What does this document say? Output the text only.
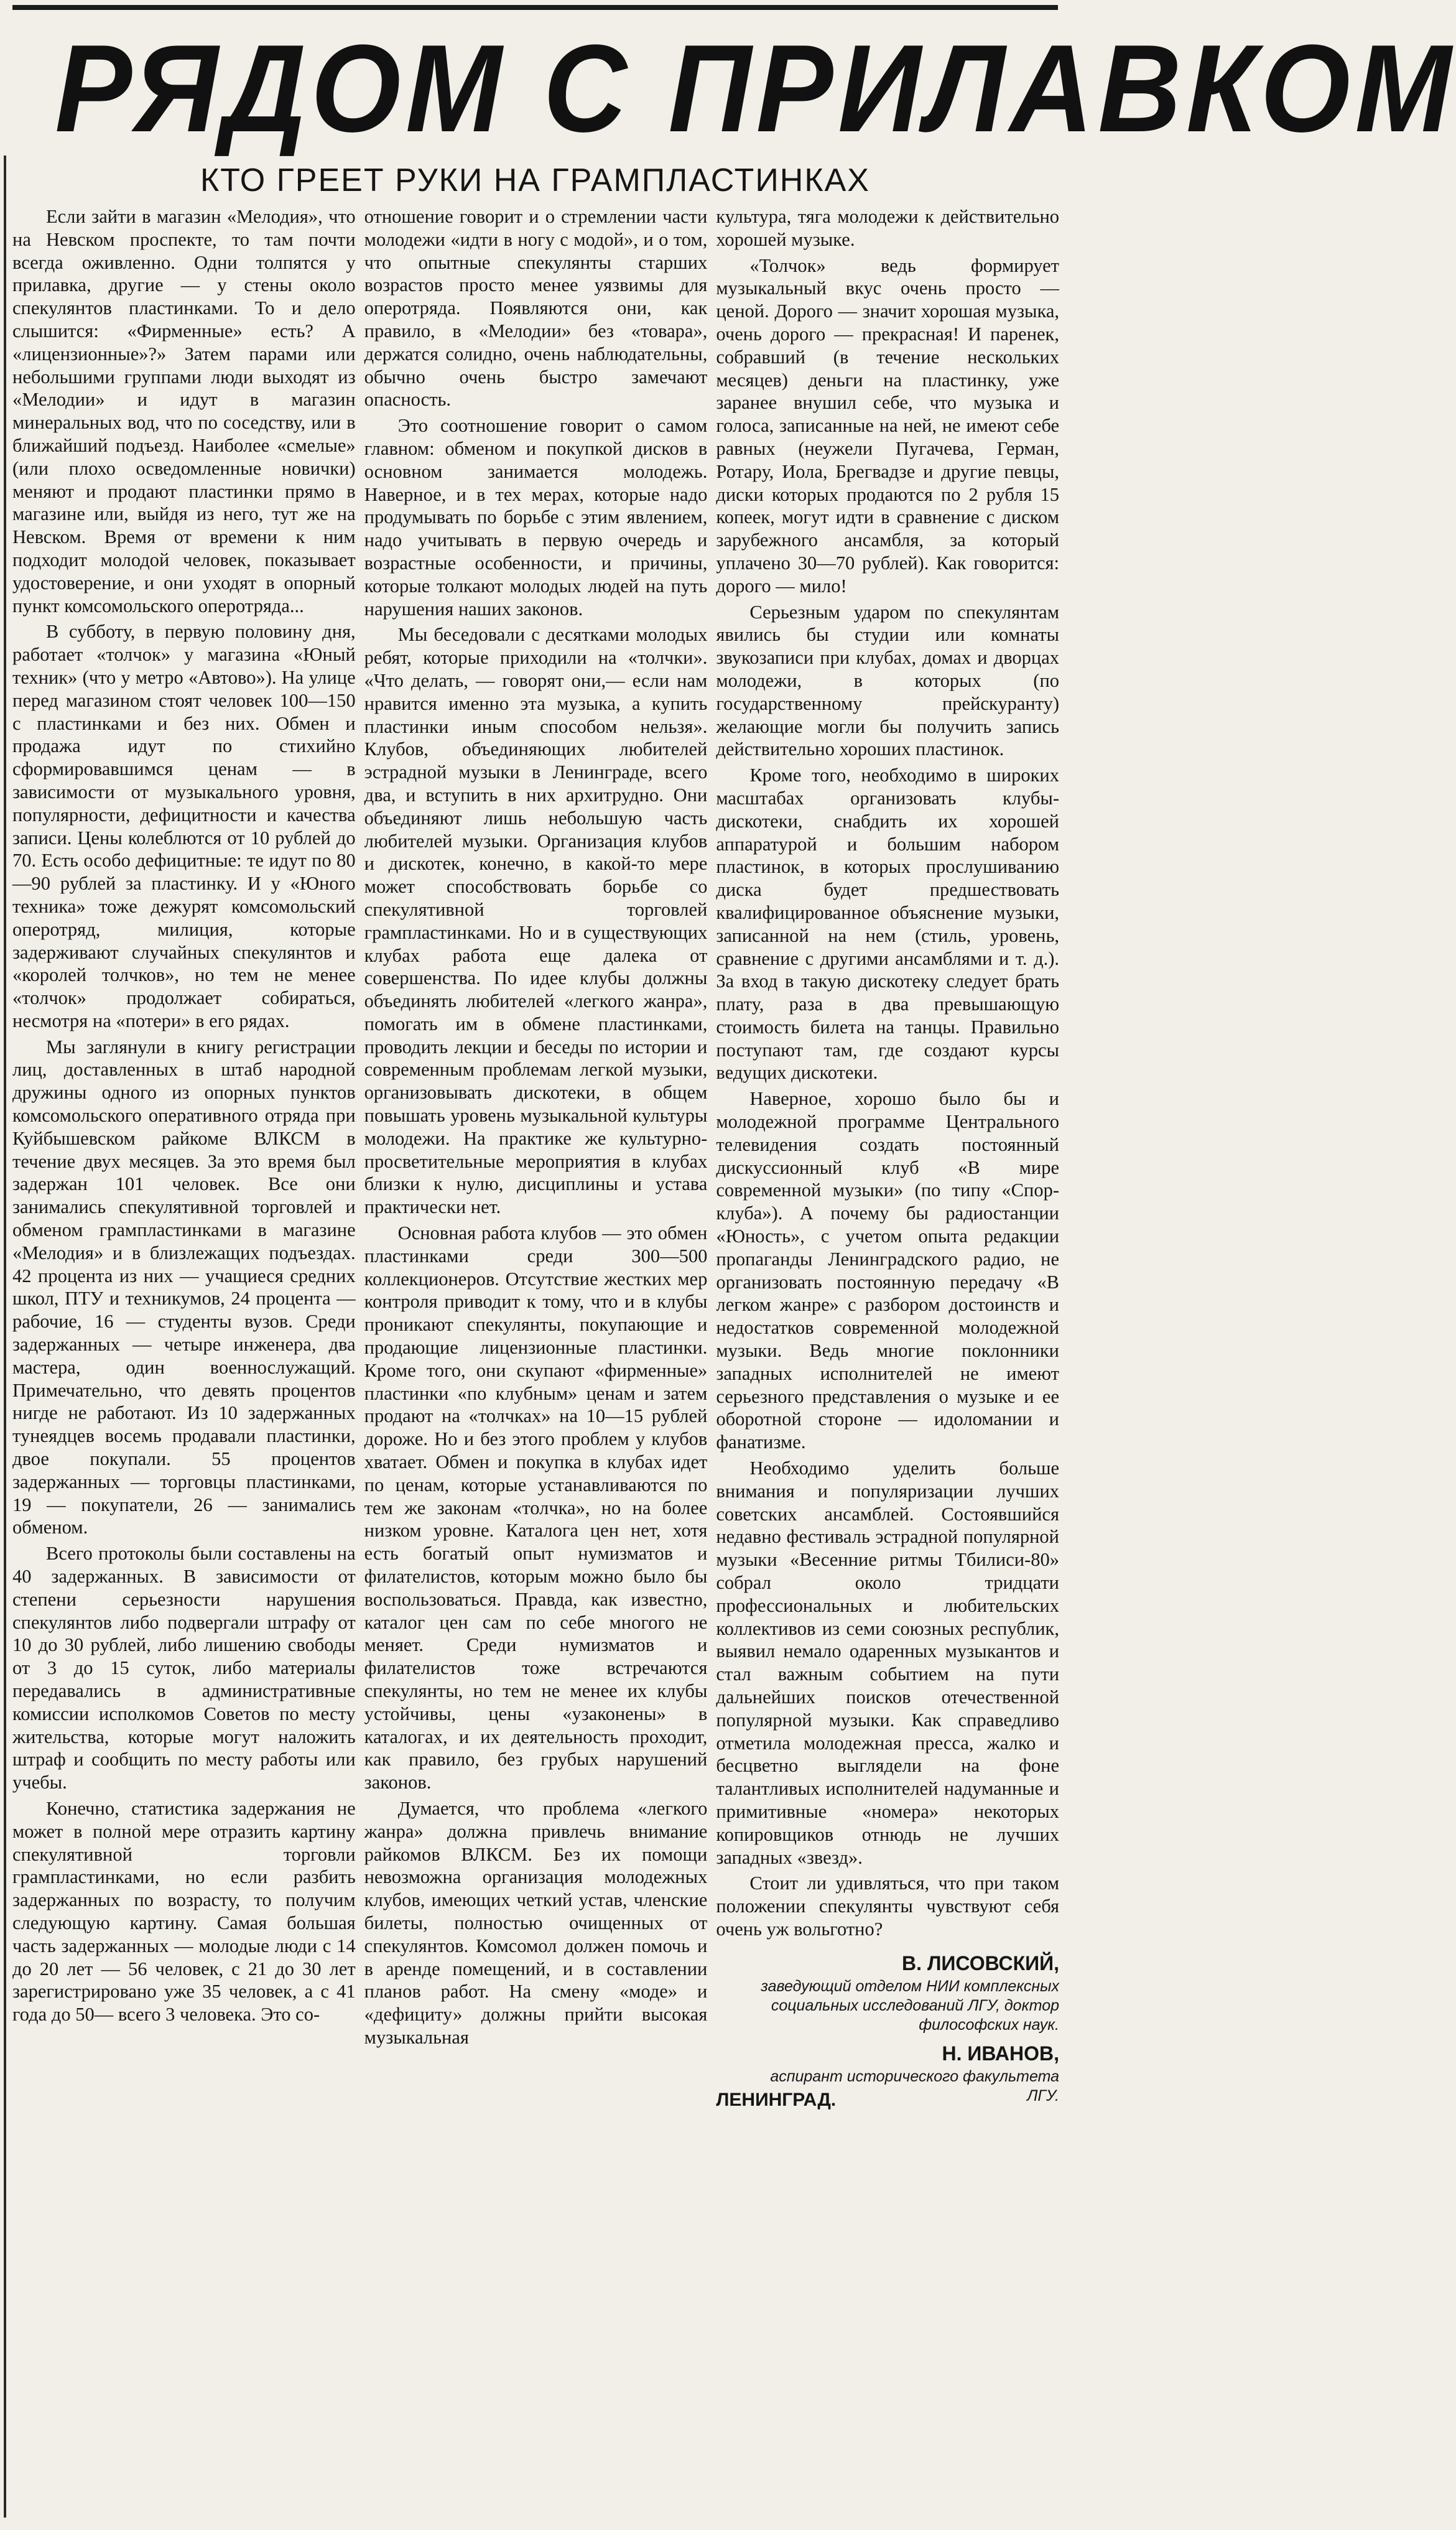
РЯДОМ С ПРИЛАВКОМ
КТО ГРЕЕТ РУКИ НА ГРАМПЛАСТИНКАХ

Если зайти в магазин «Мелодия», что на Невском проспекте, то там почти всегда оживленно. Одни толпятся у прилавка, другие — у стены около спекулянтов пластинками. То и дело слышится: «Фирменные» есть? А «лицензионные»?» Затем парами или небольшими группами люди выходят из «Мелодии» и идут в магазин минеральных вод, что по соседству, или в ближайший подъезд. Наиболее «смелые» (или плохо осведомленные новички) меняют и продают пластинки прямо в магазине или, выйдя из него, тут же на Невском. Время от времени к ним подходит молодой человек, показывает удостоверение, и они уходят в опорный пункт комсомольского оперотряда...

В субботу, в первую половину дня, работает «толчок» у магазина «Юный техник» (что у метро «Автово»). На улице перед магазином стоят человек 100—150 с пластинками и без них. Обмен и продажа идут по стихийно сформировавшимся ценам — в зависимости от музыкального уровня, популярности, дефицитности и качества записи. Цены колеблются от 10 рублей до 70. Есть особо дефицитные: те идут по 80—90 рублей за пластинку. И у «Юного техника» тоже дежурят комсомольский оперотряд, милиция, которые задерживают случайных спекулянтов и «королей толчков», но тем не менее «толчок» продолжает собираться, несмотря на «потери» в его рядах.

Мы заглянули в книгу регистрации лиц, доставленных в штаб народной дружины одного из опорных пунктов комсомольского оперативного отряда при Куйбышевском райкоме ВЛКСМ в течение двух месяцев. За это время был задержан 101 человек. Все они занимались спекулятивной торговлей и обменом грампластинками в магазине «Мелодия» и в близлежащих подъездах. 42 процента из них — учащиеся средних школ, ПТУ и техникумов, 24 процента — рабочие, 16 — студенты вузов. Среди задержанных — четыре инженера, два мастера, один военнослужащий. Примечательно, что девять процентов нигде не работают. Из 10 задержанных тунеядцев восемь продавали пластинки, двое покупали. 55 процентов задержанных — торговцы пластинками, 19 — покупатели, 26 — занимались обменом.

Всего протоколы были составлены на 40 задержанных. В зависимости от степени серьезности нарушения спекулянтов либо подвергали штрафу от 10 до 30 рублей, либо лишению свободы от 3 до 15 суток, либо материалы передавались в административные комиссии исполкомов Советов по месту жительства, которые могут наложить штраф и сообщить по месту работы или учебы.

Конечно, статистика задержания не может в полной мере отразить картину спекулятивной торговли грампластинками, но если разбить задержанных по возрасту, то получим следующую картину. Самая большая часть задержанных — молодые люди с 14 до 20 лет — 56 человек, с 21 до 30 лет зарегистрировано уже 35 человек, а с 41 года до 50— всего 3 человека. Это со-

отношение говорит и о стремлении части молодежи «идти в ногу с модой», и о том, что опытные спекулянты старших возрастов просто менее уязвимы для оперотряда. Появляются они, как правило, в «Мелодии» без «товара», держатся солидно, очень наблюдательны, обычно очень быстро замечают опасность.

Это соотношение говорит о самом главном: обменом и покупкой дисков в основном занимается молодежь. Наверное, и в тех мерах, которые надо продумывать по борьбе с этим явлением, надо учитывать в первую очередь и возрастные особенности, и причины, которые толкают молодых людей на путь нарушения наших законов.

Мы беседовали с десятками молодых ребят, которые приходили на «толчки». «Что делать, — говорят они,— если нам нравится именно эта музыка, а купить пластинки иным способом нельзя». Клубов, объединяющих любителей эстрадной музыки в Ленинграде, всего два, и вступить в них архитрудно. Они объединяют лишь небольшую часть любителей музыки. Организация клубов и дискотек, конечно, в какой-то мере может способствовать борьбе со спекулятивной торговлей грампластинками. Но и в существующих клубах работа еще далека от совершенства. По идее клубы должны объединять любителей «легкого жанра», помогать им в обмене пластинками, проводить лекции и беседы по истории и современным проблемам легкой музыки, организовывать дискотеки, в общем повышать уровень музыкальной культуры молодежи. На практике же культурно-просветительные мероприятия в клубах близки к нулю, дисциплины и устава практически нет.

Основная работа клубов — это обмен пластинками среди 300—500 коллекционеров. Отсутствие жестких мер контроля приводит к тому, что и в клубы проникают спекулянты, покупающие и продающие лицензионные пластинки. Кроме того, они скупают «фирменные» пластинки «по клубным» ценам и затем продают на «толчках» на 10—15 рублей дороже. Но и без этого проблем у клубов хватает. Обмен и покупка в клубах идет по ценам, которые устанавливаются по тем же законам «толчка», но на более низком уровне. Каталога цен нет, хотя есть богатый опыт нумизматов и филателистов, которым можно было бы воспользоваться. Правда, как известно, каталог цен сам по себе многого не меняет. Среди нумизматов и филателистов тоже встречаются спекулянты, но тем не менее их клубы устойчивы, цены «узаконены» в каталогах, и их деятельность проходит, как правило, без грубых нарушений законов.

Думается, что проблема «легкого жанра» должна привлечь внимание райкомов ВЛКСМ. Без их помощи невозможна организация молодежных клубов, имеющих четкий устав, членские билеты, полностью очищенных от спекулянтов. Комсомол должен помочь и в аренде помещений, и в составлении планов работ. На смену «моде» и «дефициту» должны прийти высокая музыкальная

культура, тяга молодежи к действительно хорошей музыке.

«Толчок» ведь формирует музыкальный вкус очень просто — ценой. Дорого — значит хорошая музыка, очень дорого — прекрасная! И паренек, собравший (в течение нескольких месяцев) деньги на пластинку, уже заранее внушил себе, что музыка и голоса, записанные на ней, не имеют себе равных (неужели Пугачева, Герман, Ротару, Иола, Брегвадзе и другие певцы, диски которых продаются по 2 рубля 15 копеек, могут идти в сравнение с диском зарубежного ансамбля, за который уплачено 30—70 рублей). Как говорится: дорого — мило!

Серьезным ударом по спекулянтам явились бы студии или комнаты звукозаписи при клубах, домах и дворцах молодежи, в которых (по государственному прейскуранту) желающие могли бы получить запись действительно хороших пластинок.

Кроме того, необходимо в широких масштабах организовать клубы-дискотеки, снабдить их хорошей аппаратурой и большим набором пластинок, в которых прослушиванию диска будет предшествовать квалифицированное объяснение музыки, записанной на нем (стиль, уровень, сравнение с другими ансамблями и т. д.). За вход в такую дискотеку следует брать плату, раза в два превышающую стоимость билета на танцы. Правильно поступают там, где создают курсы ведущих дискотеки.

Наверное, хорошо было бы и молодежной программе Центрального телевидения создать постоянный дискуссионный клуб «В мире современной музыки» (по типу «Спор-клуба»). А почему бы радиостанции «Юность», с учетом опыта редакции пропаганды Ленинградского радио, не организовать постоянную передачу «В легком жанре» с разбором достоинств и недостатков современной молодежной музыки. Ведь многие поклонники западных исполнителей не имеют серьезного представления о музыке и ее оборотной стороне — идоломании и фанатизме.

Необходимо уделить больше внимания и популяризации лучших советских ансамблей. Состоявшийся недавно фестиваль эстрадной популярной музыки «Весенние ритмы Тбилиси-80» собрал около тридцати профессиональных и любительских коллективов из семи союзных республик, выявил немало одаренных музыкантов и стал важным событием на пути дальнейших поисков отечественной популярной музыки. Как справедливо отметила молодежная пресса, жалко и бесцветно выглядели на фоне талантливых исполнителей надуманные и примитивные «номера» некоторых копировщиков отнюдь не лучших западных «звезд».

Стоит ли удивляться, что при таком положении спекулянты чувствуют себя очень уж вольготно?

В. ЛИСОВСКИЙ,
заведующий отделом НИИ комплексных социальных исследований ЛГУ, доктор философских наук.
Н. ИВАНОВ,
аспирант исторического факультета ЛГУ.
ЛЕНИНГРАД.
